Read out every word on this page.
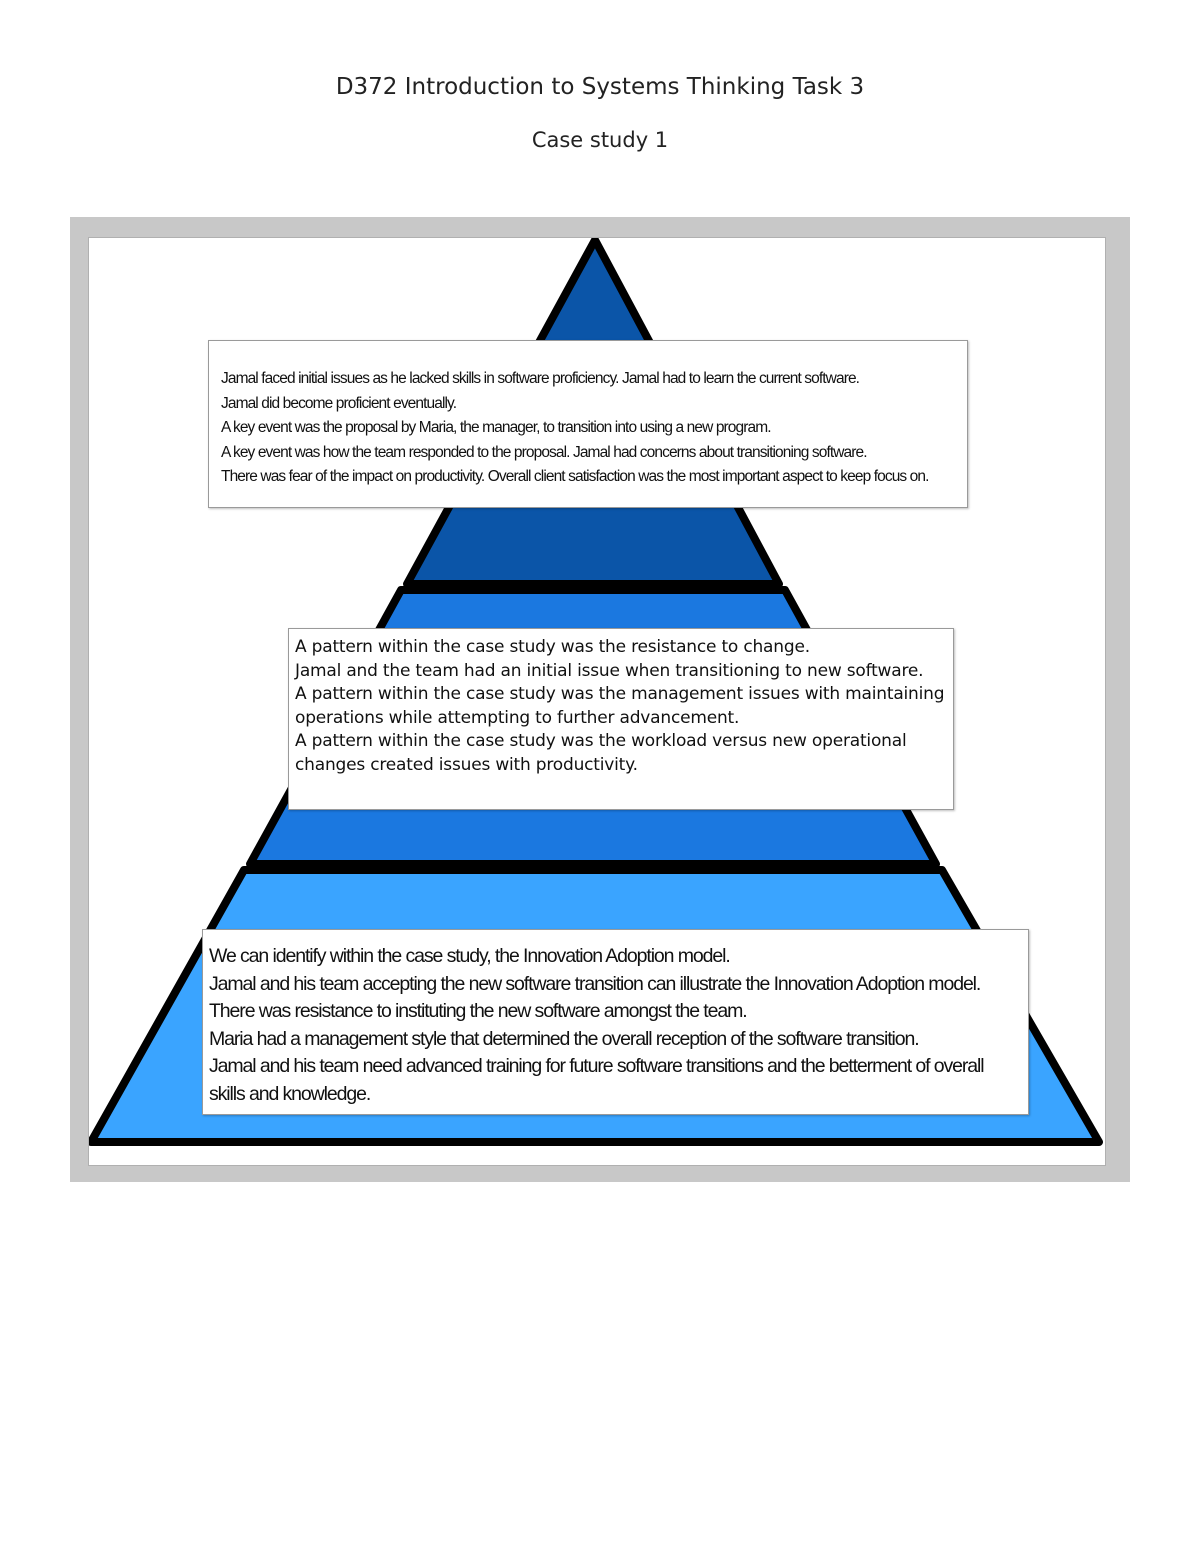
D372 Introduction to Systems Thinking Task 3
Case study 1

Jamal faced initial issues as he lacked skills in software proficiency. Jamal had to learn the current software.

Jamal did become proficient eventually.

A key event was the proposal by Maria, the manager, to transition into using a new program.

A key event was how the team responded to the proposal. Jamal had concerns about transitioning software.

There was fear of the impact on productivity. Overall client satisfaction was the most important aspect to keep focus on.

A pattern within the case study was the resistance to change.

Jamal and the team had an initial issue when transitioning to new software.

A pattern within the case study was the management issues with maintaining operations while attempting to further advancement.

A pattern within the case study was the workload versus new operational changes created issues with productivity.

We can identify within the case study, the Innovation Adoption model.

Jamal and his team accepting the new software transition can illustrate the Innovation Adoption model.

There was resistance to instituting the new software amongst the team.

Maria had a management style that determined the overall reception of the software transition.

Jamal and his team need advanced training for future software transitions and the betterment of overall skills and knowledge.
